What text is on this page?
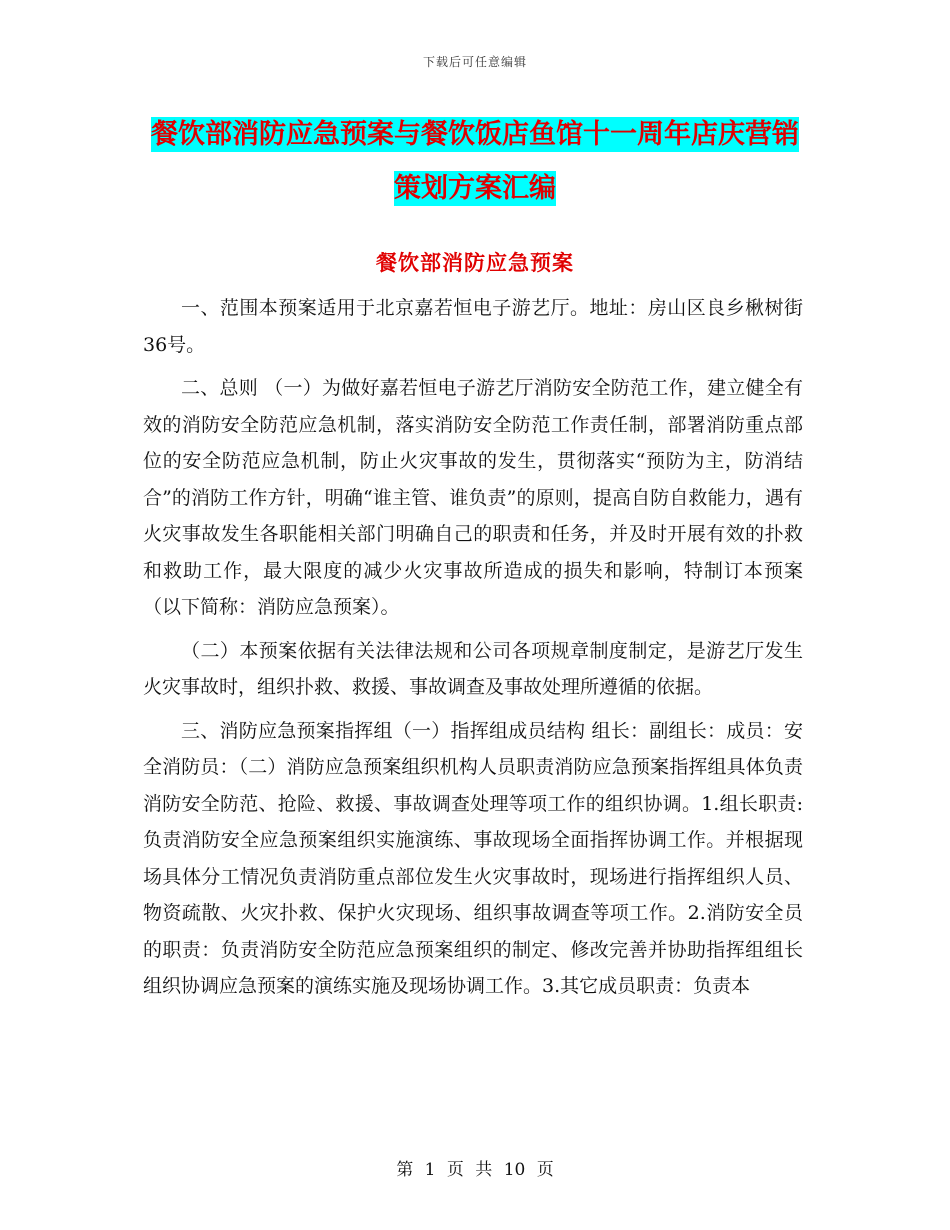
下载后可任意编辑
餐饮部消防应急预案与餐饮饭店鱼馆十一周年店庆营销策划方案汇编
餐饮部消防应急预案

一、范围本预案适用于北京嘉若恒电子游艺厅。地址：房山区良乡楸树街36号。

二、总则 （一）为做好嘉若恒电子游艺厅消防安全防范工作，建立健全有效的消防安全防范应急机制，落实消防安全防范工作责任制，部署消防重点部位的安全防范应急机制，防止火灾事故的发生，贯彻落实“预防为主，防消结合”的消防工作方针，明确“谁主管、谁负责”的原则，提高自防自救能力，遇有火灾事故发生各职能相关部门明确自己的职责和任务，并及时开展有效的扑救和救助工作，最大限度的减少火灾事故所造成的损失和影响，特制订本预案（以下简称：消防应急预案）。

（二）本预案依据有关法律法规和公司各项规章制度制定，是游艺厅发生火灾事故时，组织扑救、救援、事故调查及事故处理所遵循的依据。

三、消防应急预案指挥组（一）指挥组成员结构 组长：副组长：成员：安全消防员：（二）消防应急预案组织机构人员职责消防应急预案指挥组具体负责消防安全防范、抢险、救援、事故调查处理等项工作的组织协调。1.组长职责:负责消防安全应急预案组织实施演练、事故现场全面指挥协调工作。并根据现场具体分工情况负责消防重点部位发生火灾事故时，现场进行指挥组织人员、物资疏散、火灾扑救、保护火灾现场、组织事故调查等项工作。2.消防安全员的职责：负责消防安全防范应急预案组织的制定、修改完善并协助指挥组组长组织协调应急预案的演练实施及现场协调工作。3.其它成员职责：负责本

第 1 页 共 10 页
